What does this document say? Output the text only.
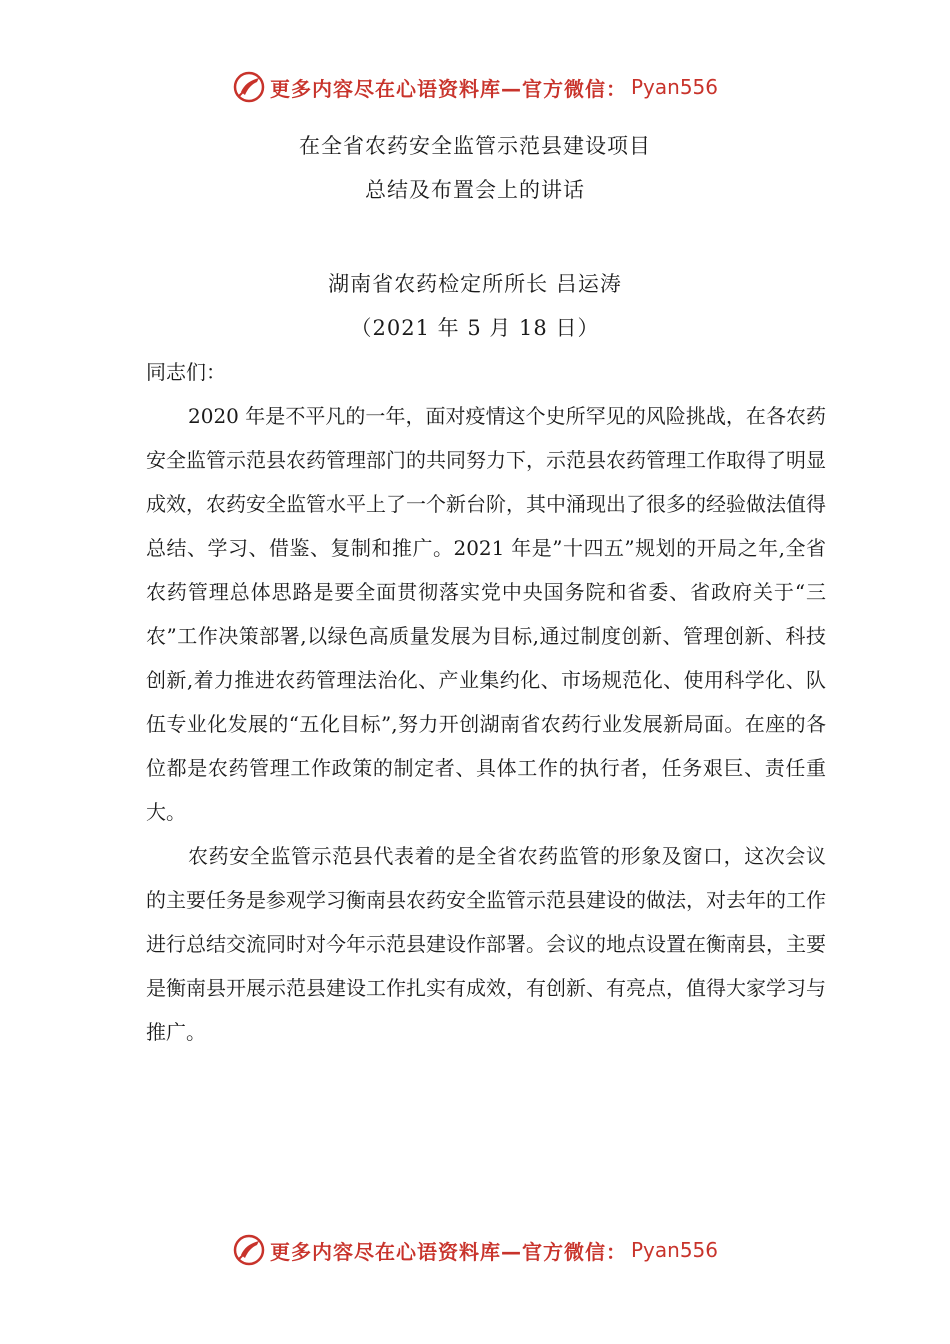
更多内容尽在心语资料库—官方微信： Pyan556
在全省农药安全监管示范县建设项目
总结及布置会上的讲话
湖南省农药检定所所长 吕运涛
（2021 年 5 月 18 日）

同志们：

2020 年是不平凡的一年，面对疫情这个史所罕见的风险挑战，在各农药安全监管示范县农药管理部门的共同努力下，示范县农药管理工作取得了明显成效，农药安全监管水平上了一个新台阶，其中涌现出了很多的经验做法值得总结、学习、借鉴、复制和推广。2021 年是”十四五”规划的开局之年,全省农药管理总体思路是要全面贯彻落实党中央国务院和省委、省政府关于“三农”工作决策部署,以绿色高质量发展为目标,通过制度创新、管理创新、科技创新,着力推进农药管理法治化、产业集约化、市场规范化、使用科学化、队伍专业化发展的“五化目标”,努力开创湖南省农药行业发展新局面。在座的各位都是农药管理工作政策的制定者、具体工作的执行者，任务艰巨、责任重大。

农药安全监管示范县代表着的是全省农药监管的形象及窗口，这次会议的主要任务是参观学习衡南县农药安全监管示范县建设的做法，对去年的工作进行总结交流同时对今年示范县建设作部署。会议的地点设置在衡南县，主要是衡南县开展示范县建设工作扎实有成效，有创新、有亮点，值得大家学习与推广。

更多内容尽在心语资料库—官方微信： Pyan556
